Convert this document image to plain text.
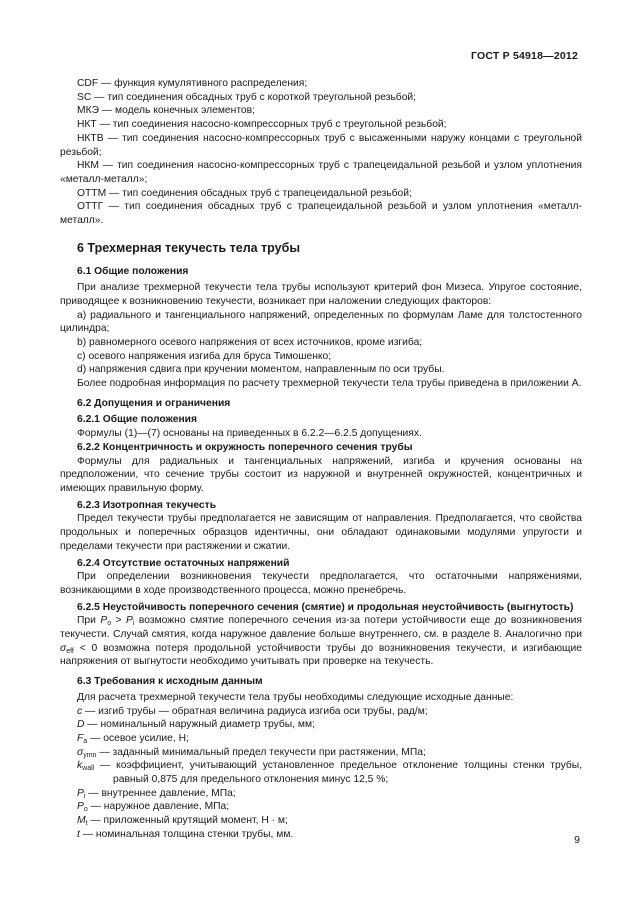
ГОСТ Р 54918—2012

CDF — функция кумулятивного распределения;

SC — тип соединения обсадных труб с короткой треугольной резьбой;

МКЭ — модель конечных элементов;

НКТ — тип соединения насосно-компрессорных труб с треугольной резьбой;

НКТВ — тип соединения насосно-компрессорных труб с высаженными наружу концами с треугольной резьбой;

НКМ — тип соединения насосно-компрессорных труб с трапецеидальной резьбой и узлом уплотнения «металл-металл»;

ОТТМ — тип соединения обсадных труб с трапецеидальной резьбой;

ОТТГ — тип соединения обсадных труб с трапецеидальной резьбой и узлом уплотнения «металл-металл».

6 Трехмерная текучесть тела трубы

6.1 Общие положения

При анализе трехмерной текучести тела трубы используют критерий фон Мизеса. Упругое состояние, приводящее к возникновению текучести, возникает при наложении следующих факторов:

a) радиального и тангенциального напряжений, определенных по формулам Ламе для толстостенного цилиндра;

b) равномерного осевого напряжения от всех источников, кроме изгиба;

c) осевого напряжения изгиба для бруса Тимошенко;

d) напряжения сдвига при кручении моментом, направленным по оси трубы.

Более подробная информация по расчету трехмерной текучести тела трубы приведена в приложении А.

6.2 Допущения и ограничения

6.2.1 Общие положения

Формулы (1)—(7) основаны на приведенных в 6.2.2—6.2.5 допущениях.

6.2.2 Концентричность и окружность поперечного сечения трубы

Формулы для радиальных и тангенциальных напряжений, изгиба и кручения основаны на предположении, что сечение трубы состоит из наружной и внутренней окружностей, концентричных и имеющих правильную форму.

6.2.3 Изотропная текучесть

Предел текучести трубы предполагается не зависящим от направления. Предполагается, что свойства продольных и поперечных образцов идентичны, они обладают одинаковыми модулями упругости и пределами текучести при растяжении и сжатии.

6.2.4 Отсутствие остаточных напряжений

При определении возникновения текучести предполагается, что остаточными напряжениями, возникающими в ходе производственного процесса, можно пренебречь.

6.2.5 Неустойчивость поперечного сечения (смятие) и продольная неустойчивость (выгнутость)

При $P_o > P_i$ возможно смятие поперечного сечения из-за потери устойчивости еще до возникновения текучести. Случай смятия, когда наружное давление больше внутреннего, см. в разделе 8. Аналогично при $\sigma_{eff} < 0$ возможна потеря продольной устойчивости трубы до возникновения текучести, и изгибающие напряжения от выгнутости необходимо учитывать при проверке на текучесть.

6.3 Требования к исходным данным

Для расчета трехмерной текучести тела трубы необходимы следующие исходные данные:

c — изгиб трубы — обратная величина радиуса изгиба оси трубы, рад/м;

D — номинальный наружный диаметр трубы, мм;

$F_a$ — осевое усилие, Н;

$\sigma_{ymn}$ — заданный минимальный предел текучести при растяжении, МПа;

$k_{wall}$ — коэффициент, учитывающий установленное предельное отклонение толщины стенки трубы, равный 0,875 для предельного отклонения минус 12,5 %;

$P_i$ — внутреннее давление, МПа;

$P_o$ — наружное давление, МПа;

$M_t$ — приложенный крутящий момент, Н · м;

t — номинальная толщина стенки трубы, мм.	9
